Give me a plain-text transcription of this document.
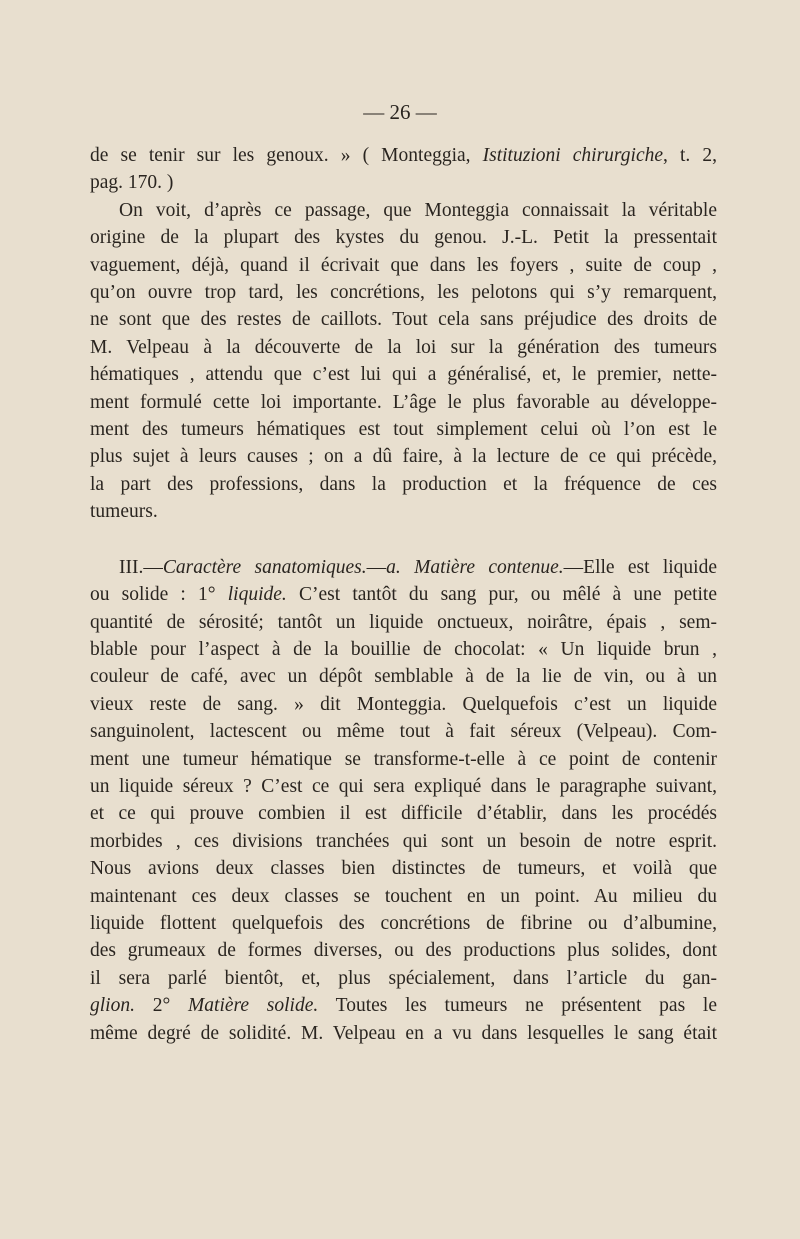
— 26 —
de se tenir sur les genoux. » ( Monteggia, Istituzioni chirurgiche, t. 2,
pag. 170. )
On voit, d’après ce passage, que Monteggia connaissait la véritable
origine de la plupart des kystes du genou. J.-L. Petit la pressentait
vaguement, déjà, quand il écrivait que dans les foyers , suite de coup ,
qu’on ouvre trop tard, les concrétions, les pelotons qui s’y remarquent,
ne sont que des restes de caillots. Tout cela sans préjudice des droits de
M. Velpeau à la découverte de la loi sur la génération des tumeurs
hématiques , attendu que c’est lui qui a généralisé, et, le premier, nette-
ment formulé cette loi importante. L’âge le plus favorable au développe-
ment des tumeurs hématiques est tout simplement celui où l’on est le
plus sujet à leurs causes ; on a dû faire, à la lecture de ce qui précède,
la part des professions, dans la production et la fréquence de ces
tumeurs.
III.—Caractère sanatomiques.—a. Matière contenue.—Elle est liquide
ou solide : 1° liquide. C’est tantôt du sang pur, ou mêlé à une petite
quantité de sérosité; tantôt un liquide onctueux, noirâtre, épais , sem-
blable pour l’aspect à de la bouillie de chocolat: « Un liquide brun ,
couleur de café, avec un dépôt semblable à de la lie de vin, ou à un
vieux reste de sang. » dit Monteggia. Quelquefois c’est un liquide
sanguinolent, lactescent ou même tout à fait séreux (Velpeau). Com-
ment une tumeur hématique se transforme-t-elle à ce point de contenir
un liquide séreux ? C’est ce qui sera expliqué dans le paragraphe suivant,
et ce qui prouve combien il est difficile d’établir, dans les procédés
morbides , ces divisions tranchées qui sont un besoin de notre esprit.
Nous avions deux classes bien distinctes de tumeurs, et voilà que
maintenant ces deux classes se touchent en un point. Au milieu du
liquide flottent quelquefois des concrétions de fibrine ou d’albumine,
des grumeaux de formes diverses, ou des productions plus solides, dont
il sera parlé bientôt, et, plus spécialement, dans l’article du gan-
glion. 2° Matière solide. Toutes les tumeurs ne présentent pas le
même degré de solidité. M. Velpeau en a vu dans lesquelles le sang était
